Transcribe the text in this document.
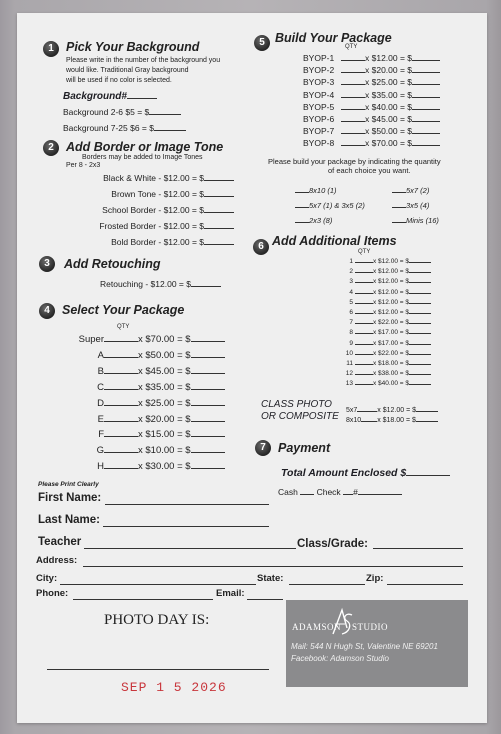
1 Pick Your Background
Please write in the number of the background you
would like. Traditional Gray background
will be used if no color is selected.
Background#
Background 2-6 $5 = $
Background 7-25 $6 = $
2 Add Border or Image Tone
Borders may be added to Image Tones
Per 8 - 2x3
Black & White - $12.00 = $
Brown Tone - $12.00 = $
School Border - $12.00 = $
Frosted Border - $12.00 = $
Bold Border - $12.00 = $
3	Add Retouching
Retouching - $12.00 = $
4 Select Your Package
QTY
Super	x $70.00 = $
A	x $50.00 = $
B	x $45.00 = $
C	x $35.00 = $
D	x $25.00 = $
E	x $20.00 = $
F	x $15.00 = $
G	x $10.00 = $
H	x $30.00 = $
5 Build Your Package
QTY
BYOP-1	x $12.00 = $
BYOP-2	x $20.00 = $
BYOP-3	x $25.00 = $
BYOP-4	x $35.00 = $
BYOP-5	x $40.00 = $
BYOP-6	x $45.00 = $
BYOP-7	x $50.00 = $
BYOP-8	x $70.00 = $
Please build your package by indicating the quantity
of each choice you want.
8x10 (1)	5x7 (2)
5x7 (1) & 3x5 (2)	3x5 (4)
2x3 (8)	Minis (16)
6 Add Additional Items
QTY
1	x $12.00 = $
2	x $12.00 = $
3	x $12.00 = $
4	x $12.00 = $
5	x $12.00 = $
6	x $12.00 = $
7	x $22.00 = $
8	x $17.00 = $
9	x $17.00 = $
10	x $22.00 = $
11	x $18.00 = $
12	x $38.00 = $
13	x $40.00 = $
CLASS PHOTO
OR COMPOSITE
5x7	x $12.00 = $
8x10 x $18.00 = $
7 Payment
Total Amount Enclosed $
Cash Check #
Please Print Clearly
First Name:
Last Name:
Teacher	Class/Grade:
Address:
City:	State:	Zip:
Phone:	Email:
PHOTO DAY IS:
SEP 1 5 2026
ADAMSON STUDIO
Mail: 544 N Hugh St, Valentine NE 69201
Facebook: Adamson Studio
